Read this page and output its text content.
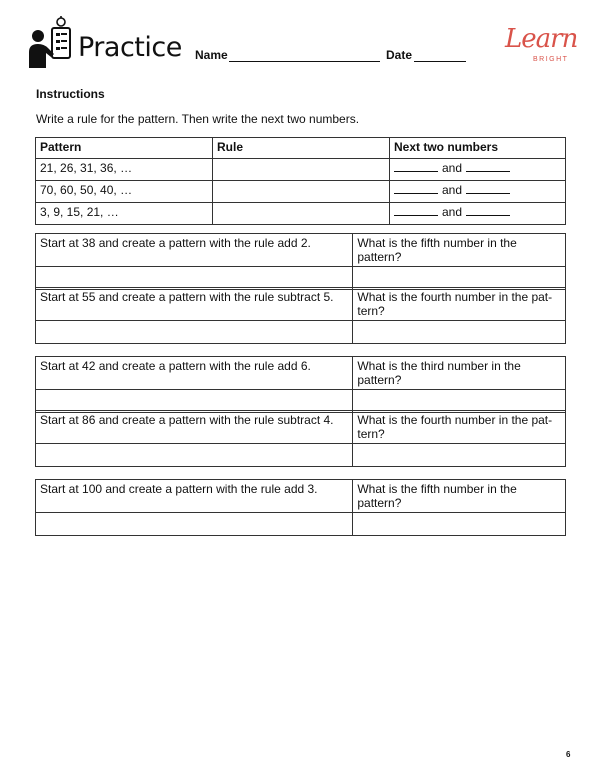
Practice Name	Date
Learn
BRIGHT
Instructions
Write a rule for the pattern. Then write the next two numbers.
Pattern	Rule	Next two numbers
21, 26, 31, 36, …		and
70, 60, 50, 40, …		and
3, 9, 15, 21, …		and
Start at 38 and create a pattern with the rule add 2.	What is the fifth number in the pattern?

Start at 55 and create a pattern with the rule subtract 5.	What is the fourth number in the pat-tern?

Start at 42 and create a pattern with the rule add 6.	What is the third number in the pattern?

Start at 86 and create a pattern with the rule subtract 4.	What is the fourth number in the pat-tern?

Start at 100 and create a pattern with the rule add 3.	What is the fifth number in the pattern?

6
